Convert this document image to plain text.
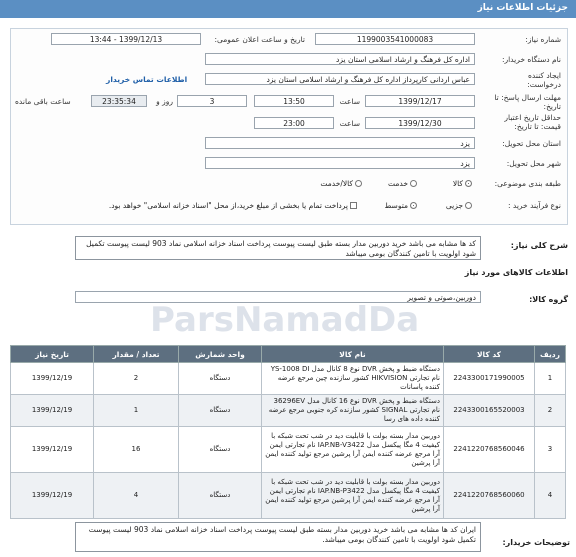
جزئیات اطلاعات نیاز
شماره نیاز:
1199003541000083
تاریخ و ساعت اعلان عمومی:
1399/12/13 - 13:44
نام دستگاه خریدار:
اداره کل فرهنگ و ارشاد اسلامی استان یزد
ایجاد کننده درخواست:
عباس اردانی کارپرداز اداره کل فرهنگ و ارشاد اسلامی استان یزد
اطلاعات تماس خریدار
مهلت ارسال پاسخ: تا تاریخ:
1399/12/17
ساعت
13:50
3
روز و
23:35:34
ساعت باقی مانده
حداقل تاریخ اعتبار قیمت: تا تاریخ:
1399/12/30
ساعت
23:00
استان محل تحویل:
یزد
شهر محل تحویل:
یزد
طبقه بندی موضوعی:
کالا
خدمت
کالا/خدمت
نوع فرآیند خرید :
جزیی
متوسط
پرداخت تمام یا بخشی از مبلغ خرید،از محل "اسناد خزانه اسلامی" خواهد بود.
شرح کلی نیاز:
کد ها مشابه می باشد خرید دوربین مدار بسته طبق لیست پیوست پرداخت اسناد خزانه اسلامی نماد 903 لیست پیوست تکمیل شود اولویت با تامین کنندگان بومی میباشد
اطلاعات کالاهای مورد نیاز
گروه کالا:
دوربین،صوتی و تصویر
ParsNamadDa
ردیف	کد کالا	نام کالا	واحد شمارش	تعداد / مقدار	تاریخ نیاز
1	2243300171990005	دستگاه ضبط و پخش DVR نوع 8 کانال مدل YS-1008 DI نام تجارتی HIKVISION کشور سازنده چین مرجع عرضه کننده پاسانات	دستگاه	2	1399/12/19
2	2243300165520003	دستگاه ضبط و پخش DVR نوع 16 کانال مدل 36296EV نام تجارتی SIGNAL کشور سازنده کره جنوبی مرجع عرضه کننده داده های رسا	دستگاه	1	1399/12/19
3	2241220768560046	دوربین مدار بسته بولت با قابلیت دید در شب تحت شبکه با کیفیت 4 مگا پیکسل مدل IAP.NB-V3422 نام تجارتی ایمن آرا مرجع عرضه کننده ایمن آرا پرشین مرجع تولید کننده ایمن آرا پرشین	دستگاه	16	1399/12/19
4	2241220768560060	دوربین مدار بسته بولت با قابلیت دید در شب تحت شبکه با کیفیت 4 مگا پیکسل مدل IAP.NB-P3422 نام تجارتی ایمن آرا مرجع عرضه کننده ایمن آرا پرشین مرجع تولید کننده ایمن آرا پرشین	دستگاه	4	1399/12/19
توضیحات خریدار:
ایران کد ها مشابه می باشد خرید دوربین مدار بسته طبق لیست پیوست پرداخت اسناد خزانه اسلامی نماد 903 لیست پیوست تکمیل شود اولویت با تامین کنندگان بومی میباشد.
